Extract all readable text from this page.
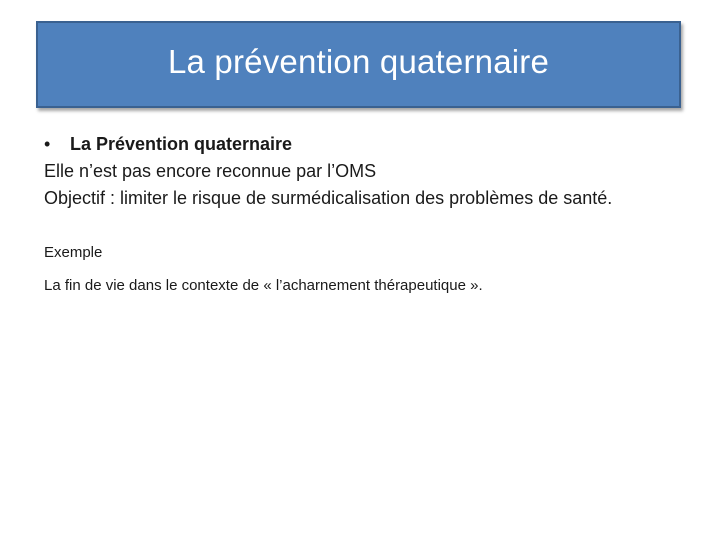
La prévention quaternaire
•	La Prévention quaternaire

Elle n’est pas encore reconnue par l’OMS

Objectif : limiter le risque de surmédicalisation des problèmes de santé.

Exemple

La fin de vie dans le contexte de « l’acharnement thérapeutique ».
